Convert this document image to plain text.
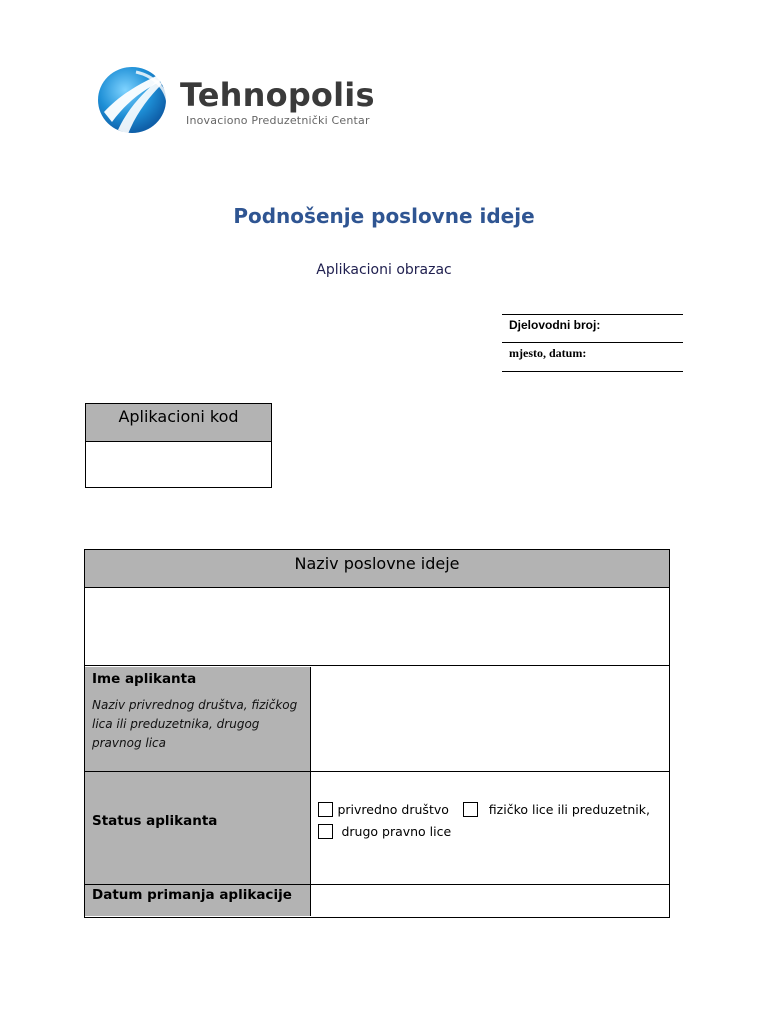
Tehnopolis
Inovaciono Preduzetnički Centar
Podnošenje poslovne ideje
Aplikacioni obrazac
Djelovodni broj:
mjesto, datum:
Aplikacioni kod
Naziv poslovne ideje
Ime aplikanta
Naziv privrednog društva, fizičkog lica ili preduzetnika, drugog pravnog lica
Status aplikanta
privredno društvo	fizičko lice ili preduzetnik,
drugo pravno lice
Datum primanja aplikacije
